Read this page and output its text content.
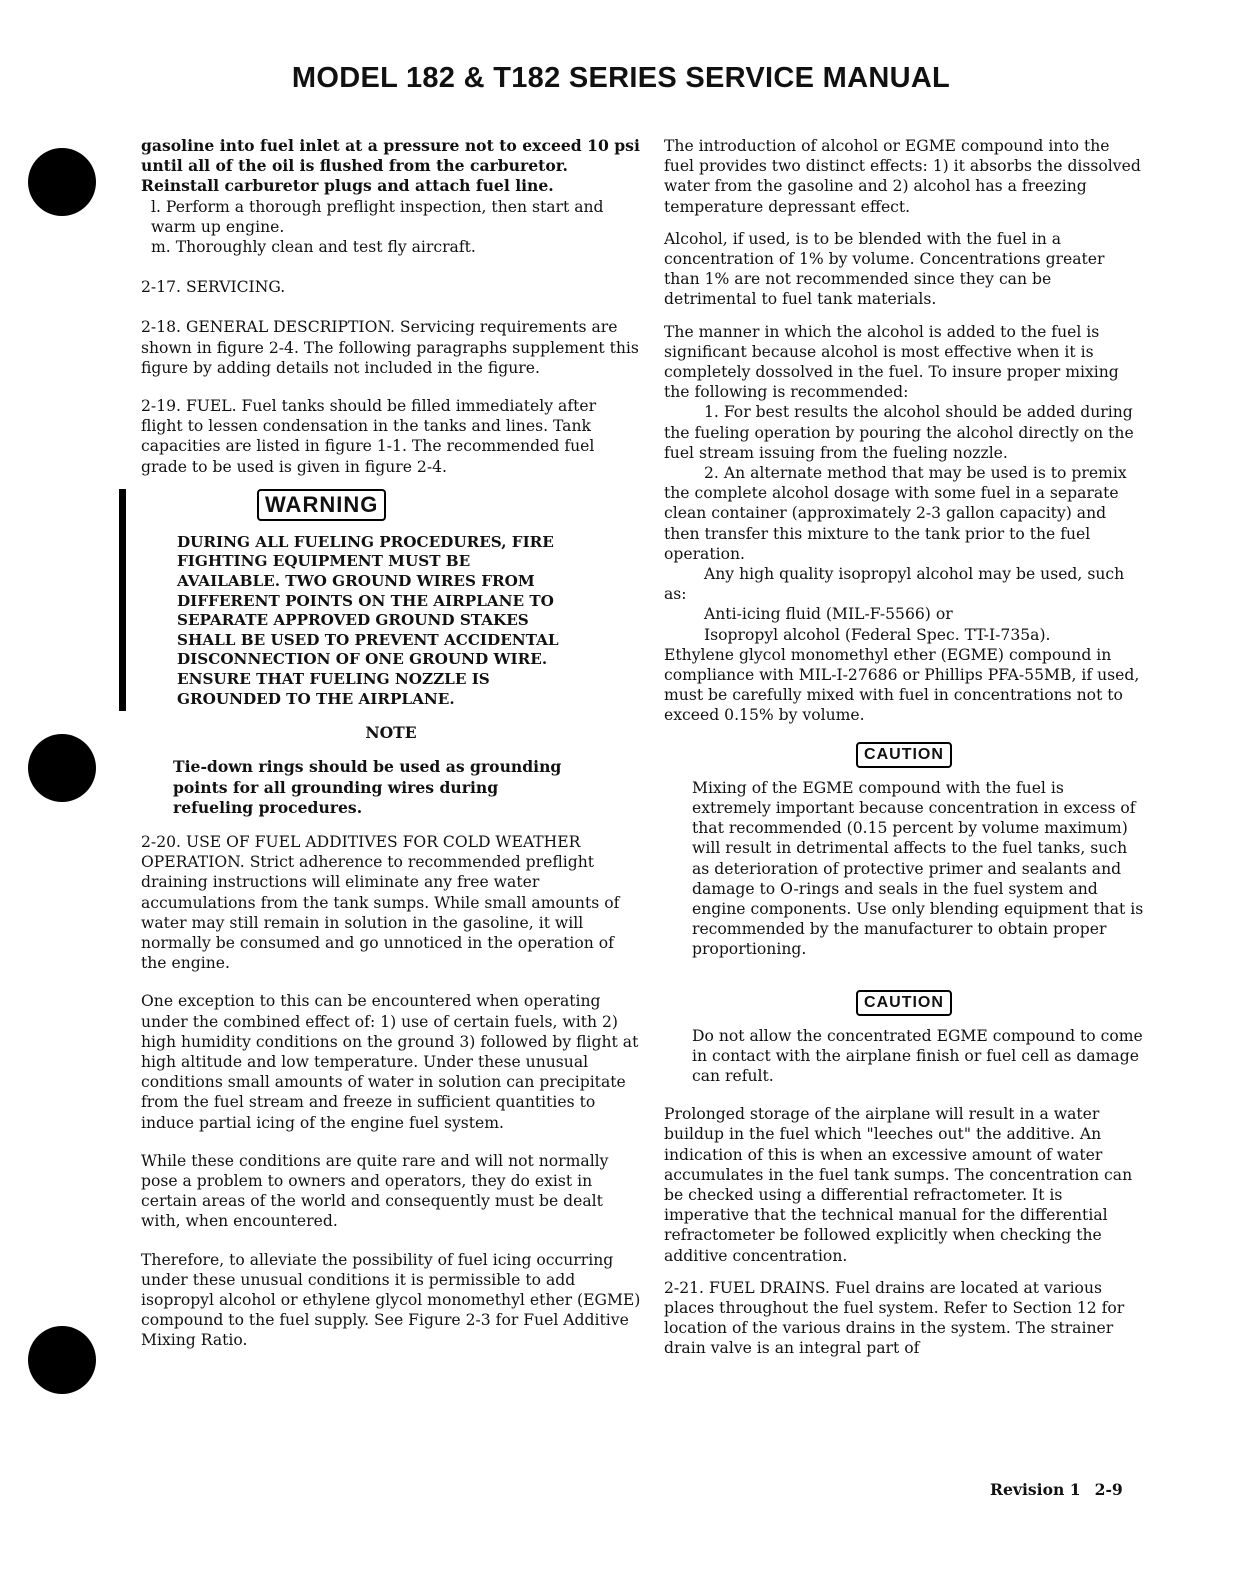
MODEL 182 & T182 SERIES SERVICE MANUAL

gasoline into fuel inlet at a pressure not to exceed 10 psi until all of the oil is flushed from the carburetor. Reinstall carburetor plugs and attach fuel line.

l. Perform a thorough preflight inspection, then start and warm up engine.

m. Thoroughly clean and test fly aircraft.

2-17. SERVICING.

2-18. GENERAL DESCRIPTION. Servicing requirements are shown in figure 2-4. The following paragraphs supplement this figure by adding details not included in the figure.

2-19. FUEL. Fuel tanks should be filled immediately after flight to lessen condensation in the tanks and lines. Tank capacities are listed in figure 1-1. The recommended fuel grade to be used is given in figure 2-4.

WARNING
DURING ALL FUELING PROCEDURES, FIRE FIGHTING EQUIPMENT MUST BE AVAILABLE. TWO GROUND WIRES FROM DIFFERENT POINTS ON THE AIRPLANE TO SEPARATE APPROVED GROUND STAKES SHALL BE USED TO PREVENT ACCIDENTAL DISCONNECTION OF ONE GROUND WIRE. ENSURE THAT FUELING NOZZLE IS GROUNDED TO THE AIRPLANE.
NOTE

Tie-down rings should be used as grounding points for all grounding wires during refueling procedures.

2-20. USE OF FUEL ADDITIVES FOR COLD WEATHER OPERATION. Strict adherence to recommended preflight draining instructions will eliminate any free water accumulations from the tank sumps. While small amounts of water may still remain in solution in the gasoline, it will normally be consumed and go unnoticed in the operation of the engine.

One exception to this can be encountered when operating under the combined effect of: 1) use of certain fuels, with 2) high humidity conditions on the ground 3) followed by flight at high altitude and low temperature. Under these unusual conditions small amounts of water in solution can precipitate from the fuel stream and freeze in sufficient quantities to induce partial icing of the engine fuel system.

While these conditions are quite rare and will not normally pose a problem to owners and operators, they do exist in certain areas of the world and consequently must be dealt with, when encountered.

Therefore, to alleviate the possibility of fuel icing occurring under these unusual conditions it is permissible to add isopropyl alcohol or ethylene glycol monomethyl ether (EGME) compound to the fuel supply. See Figure 2-3 for Fuel Additive Mixing Ratio.

The introduction of alcohol or EGME compound into the fuel provides two distinct effects: 1) it absorbs the dissolved water from the gasoline and 2) alcohol has a freezing temperature depressant effect.

Alcohol, if used, is to be blended with the fuel in a concentration of 1% by volume. Concentrations greater than 1% are not recommended since they can be detrimental to fuel tank materials.

The manner in which the alcohol is added to the fuel is significant because alcohol is most effective when it is completely dossolved in the fuel. To insure proper mixing the following is recommended:

1. For best results the alcohol should be added during the fueling operation by pouring the alcohol directly on the fuel stream issuing from the fueling nozzle.

2. An alternate method that may be used is to premix the complete alcohol dosage with some fuel in a separate clean container (approximately 2-3 gallon capacity) and then transfer this mixture to the tank prior to the fuel operation.

Any high quality isopropyl alcohol may be used, such as:

Anti-icing fluid (MIL-F-5566) or

Isopropyl alcohol (Federal Spec. TT-I-735a).

Ethylene glycol monomethyl ether (EGME) compound in compliance with MIL-I-27686 or Phillips PFA-55MB, if used, must be carefully mixed with fuel in concentrations not to exceed 0.15% by volume.

CAUTION

Mixing of the EGME compound with the fuel is extremely important because concentration in excess of that recommended (0.15 percent by volume maximum) will result in detrimental affects to the fuel tanks, such as deterioration of protective primer and sealants and damage to O-rings and seals in the fuel system and engine components. Use only blending equipment that is recommended by the manufacturer to obtain proper proportioning.

CAUTION

Do not allow the concentrated EGME compound to come in contact with the airplane finish or fuel cell as damage can refult.

Prolonged storage of the airplane will result in a water buildup in the fuel which "leeches out" the additive. An indication of this is when an excessive amount of water accumulates in the fuel tank sumps. The concentration can be checked using a differential refractometer. It is imperative that the technical manual for the differential refractometer be followed explicitly when checking the additive concentration.

2-21. FUEL DRAINS. Fuel drains are located at various places throughout the fuel system. Refer to Section 12 for location of the various drains in the system. The strainer drain valve is an integral part of

Revision 1 2-9
